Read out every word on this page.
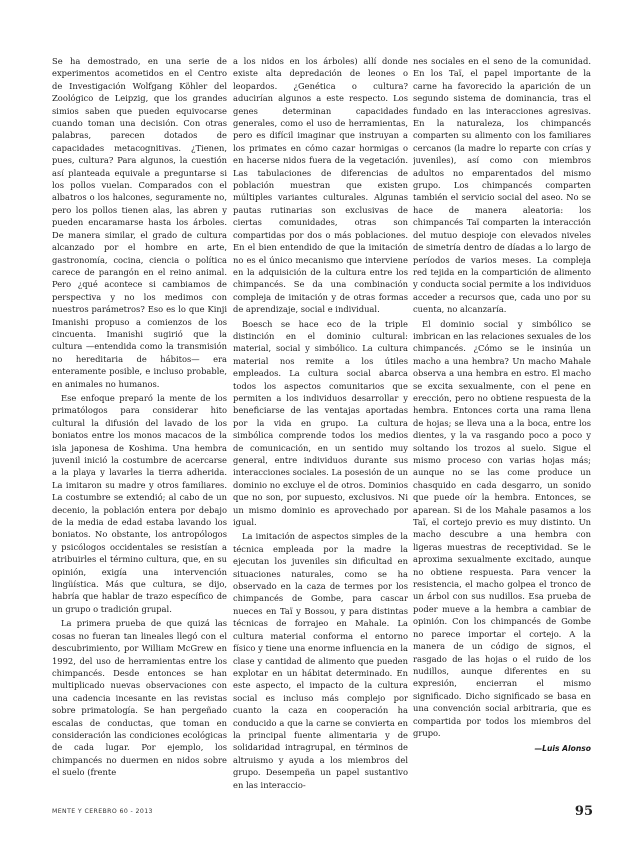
Se ha demostrado, en una serie de experimentos acometidos en el Centro de Investigación Wolfgang Köhler del Zoológico de Leipzig, que los grandes simios saben que pueden equivocarse cuando toman una decisión. Con otras palabras, parecen dotados de capacidades metacognitivas. ¿Tienen, pues, cultura? Para algunos, la cuestión así planteada equivale a preguntarse si los pollos vuelan. Comparados con el albatros o los halcones, seguramente no, pero los pollos tienen alas, las abren y pueden encaramarse hasta los árboles. De manera similar, el grado de cultura alcanzado por el hombre en arte, gastronomía, cocina, ciencia o política carece de parangón en el reino animal. Pero ¿qué acontece si cambiamos de perspectiva y no los medimos con nuestros parámetros? Eso es lo que Kinji Imanishi propuso a comienzos de los cincuenta. Imanishi sugirió que la cultura —entendida como la transmisión no hereditaria de hábitos— era enteramente posible, e incluso probable, en animales no humanos.

Ese enfoque preparó la mente de los primatólogos para considerar hito cultural la difusión del lavado de los boniatos entre los monos macacos de la isla japonesa de Koshima. Una hembra juvenil inició la costumbre de acercarse a la playa y lavarles la tierra adherida. La imitaron su madre y otros familiares. La costumbre se extendió; al cabo de un decenio, la población entera por debajo de la media de edad estaba lavando los boniatos. No obstante, los antropólogos y psicólogos occidentales se resistían a atribuirles el término cultura, que, en su opinión, exigía una intervención lingüística. Más que cultura, se dijo, habría que hablar de trazo específico de un grupo o tradición grupal.

La primera prueba de que quizá las cosas no fueran tan lineales llegó con el descubrimiento, por William McGrew en 1992, del uso de herramientas entre los chimpancés. Desde entonces se han multiplicado nuevas observaciones con una cadencia incesante en las revistas sobre primatología. Se han pergeñado escalas de conductas, que toman en consideración las condiciones ecológicas de cada lugar. Por ejemplo, los chimpancés no duermen en nidos sobre el suelo (frente

a los nidos en los árboles) allí donde existe alta depredación de leones o leopardos. ¿Genética o cultura? aducirían algunos a este respecto. Los genes determinan capacidades generales, como el uso de herramientas, pero es difícil imaginar que instruyan a los primates en cómo cazar hormigas o en hacerse nidos fuera de la vegetación. Las tabulaciones de diferencias de población muestran que existen múltiples variantes culturales. Algunas pautas rutinarias son exclusivas de ciertas comunidades, otras son compartidas por dos o más poblaciones. En el bien entendido de que la imitación no es el único mecanismo que interviene en la adquisición de la cultura entre los chimpancés. Se da una combinación compleja de imitación y de otras formas de aprendizaje, social e individual.

Boesch se hace eco de la triple distinción en el dominio cultural: material, social y simbólico. La cultura material nos remite a los útiles empleados. La cultura social abarca todos los aspectos comunitarios que permiten a los individuos desarrollar y beneficiarse de las ventajas aportadas por la vida en grupo. La cultura simbólica comprende todos los medios de comunicación, en un sentido muy general, entre individuos durante sus interacciones sociales. La posesión de un dominio no excluye el de otros. Dominios que no son, por supuesto, exclusivos. Ni un mismo dominio es aprovechado por igual.

La imitación de aspectos simples de la técnica empleada por la madre la ejecutan los juveniles sin dificultad en situaciones naturales, como se ha observado en la caza de termes por los chimpancés de Gombe, para cascar nueces en Taï y Bossou, y para distintas técnicas de forrajeo en Mahale. La cultura material conforma el entorno físico y tiene una enorme influencia en la clase y cantidad de alimento que pueden explotar en un hábitat determinado. En este aspecto, el impacto de la cultura social es incluso más complejo por cuanto la caza en cooperación ha conducido a que la carne se convierta en la principal fuente alimentaria y de solidaridad intragrupal, en términos de altruismo y ayuda a los miembros del grupo. Desempeña un papel sustantivo en las interaccio-

nes sociales en el seno de la comunidad. En los Taï, el papel importante de la carne ha favorecido la aparición de un segundo sistema de dominancia, tras el fundado en las interacciones agresivas. En la naturaleza, los chimpancés comparten su alimento con los familiares cercanos (la madre lo reparte con crías y juveniles), así como con miembros adultos no emparentados del mismo grupo. Los chimpancés comparten también el servicio social del aseo. No se hace de manera aleatoria: los chimpancés Taï comparten la interacción del mutuo despioje con elevados niveles de simetría dentro de díadas a lo largo de períodos de varios meses. La compleja red tejida en la compartición de alimento y conducta social permite a los individuos acceder a recursos que, cada uno por su cuenta, no alcanzaría.

El dominio social y simbólico se imbrican en las relaciones sexuales de los chimpancés. ¿Cómo se le insinúa un macho a una hembra? Un macho Mahale observa a una hembra en estro. El macho se excita sexualmente, con el pene en erección, pero no obtiene respuesta de la hembra. Entonces corta una rama llena de hojas; se lleva una a la boca, entre los dientes, y la va rasgando poco a poco y soltando los trozos al suelo. Sigue el mismo proceso con varias hojas más; aunque no se las come produce un chasquido en cada desgarro, un sonido que puede oír la hembra. Entonces, se aparean. Si de los Mahale pasamos a los Taï, el cortejo previo es muy distinto. Un macho descubre a una hembra con ligeras muestras de receptividad. Se le aproxima sexualmente excitado, aunque no obtiene respuesta. Para vencer la resistencia, el macho golpea el tronco de un árbol con sus nudillos. Esa prueba de poder mueve a la hembra a cambiar de opinión. Con los chimpancés de Gombe no parece importar el cortejo. A la manera de un código de signos, el rasgado de las hojas o el ruido de los nudillos, aunque diferentes en su expresión, encierran el mismo significado. Dicho significado se basa en una convención social arbitraria, que es compartida por todos los miembros del grupo.

—Luis Alonso
MENTE Y CEREBRO 60 - 2013	95
